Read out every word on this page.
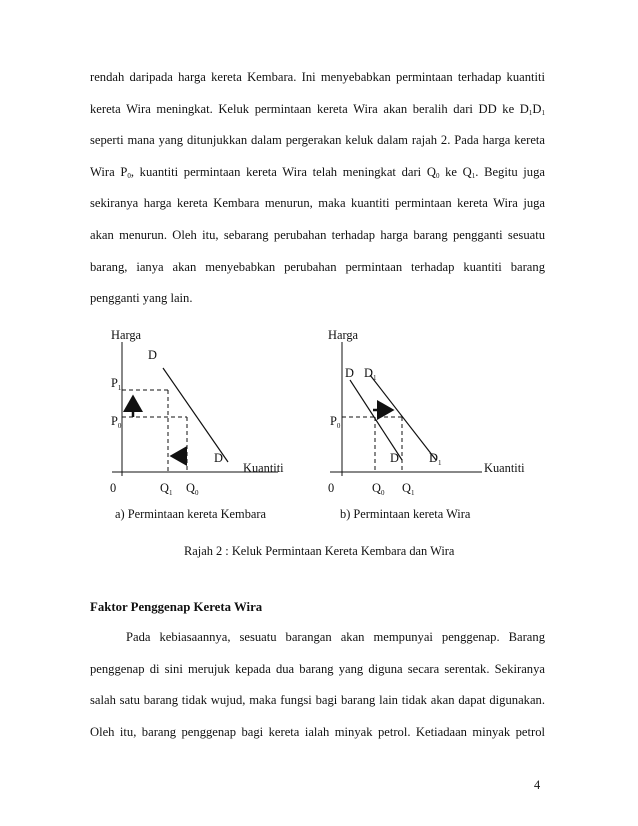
rendah daripada harga kereta Kembara. Ini menyebabkan permintaan terhadap kuantiti
kereta Wira meningkat. Keluk permintaan kereta Wira akan beralih dari DD ke $D_1D_1$
seperti mana yang ditunjukkan dalam pergerakan keluk dalam rajah 2. Pada harga kereta
Wira $P_0$, kuantiti permintaan kereta Wira telah meningkat dari $Q_0$ ke $Q_1$. Begitu juga
sekiranya harga kereta Kembara menurun, maka kuantiti permintaan kereta Wira juga
akan menurun. Oleh itu, sebarang perubahan terhadap harga barang pengganti sesuatu
barang, ianya akan menyebabkan perubahan permintaan terhadap kuantiti barang
pengganti yang lain.
Harga
D
$P_1$
$P_0$
D
Kuantiti
0	$Q_1$ $Q_0$
Harga
D $D_1$
$P_0$
D $D_1$	Kuantiti
0	$Q_0$ $Q_1$
a) Permintaan kereta Kembara	b) Permintaan kereta Wira
Rajah 2 : Keluk Permintaan Kereta Kembara dan Wira
Faktor Penggenap Kereta Wira
Pada kebiasaannya, sesuatu barangan akan mempunyai penggenap. Barang
penggenap di sini merujuk kepada dua barang yang diguna secara serentak. Sekiranya
salah satu barang tidak wujud, maka fungsi bagi barang lain tidak akan dapat digunakan.
Oleh itu, barang penggenap bagi kereta ialah minyak petrol. Ketiadaan minyak petrol
4
